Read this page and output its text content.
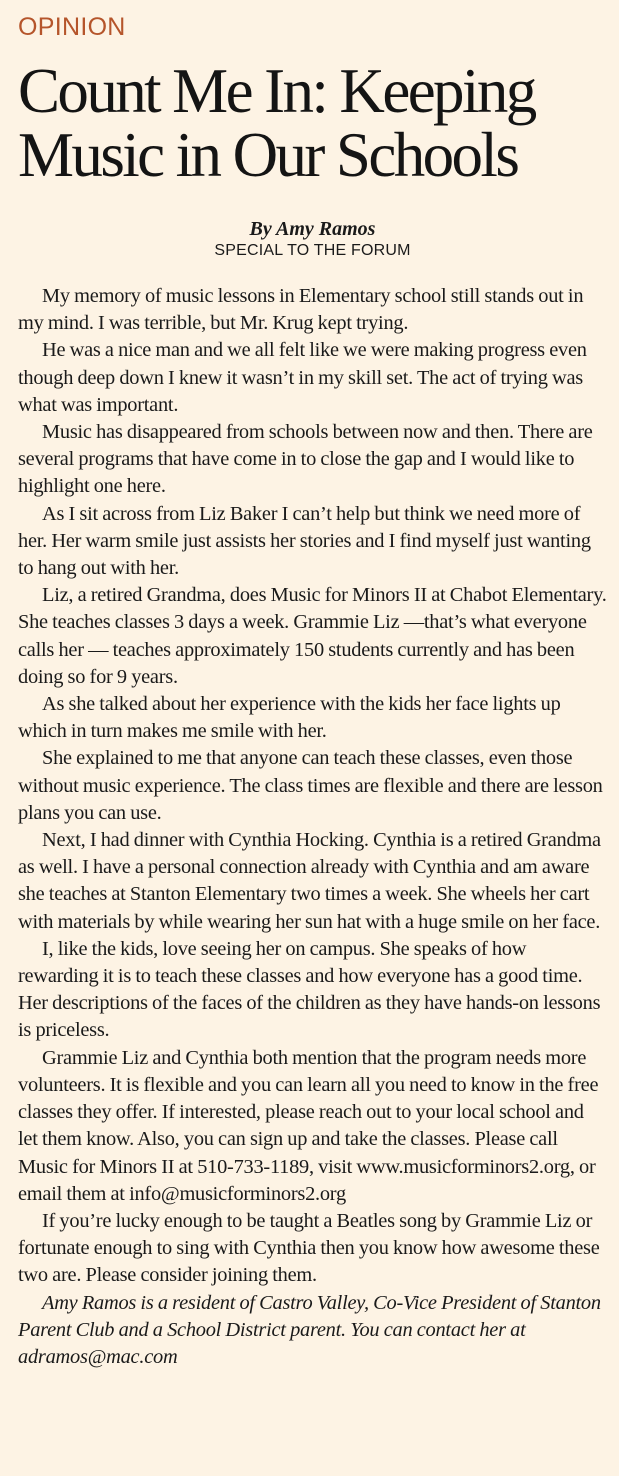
OPINION
Count Me In: Keeping Music in Our Schools
By Amy Ramos
SPECIAL TO THE FORUM

My memory of music lessons in Elementary school still stands out in my mind. I was terrible, but Mr. Krug kept trying.

He was a nice man and we all felt like we were making progress even though deep down I knew it wasn’t in my skill set. The act of trying was what was important.

Music has disappeared from schools between now and then. There are several programs that have come in to close the gap and I would like to highlight one here.

As I sit across from Liz Baker I can’t help but think we need more of her. Her warm smile just assists her stories and I find myself just wanting to hang out with her.

Liz, a retired Grandma, does Music for Minors II at Chabot Elementary. She teaches classes 3 days a week. Grammie Liz —that’s what everyone calls her — teaches approximately 150 students currently and has been doing so for 9 years.

As she talked about her experience with the kids her face lights up which in turn makes me smile with her.

She explained to me that anyone can teach these classes, even those without music experience. The class times are flexible and there are lesson plans you can use.

Next, I had dinner with Cynthia Hocking. Cynthia is a retired Grandma as well. I have a personal connection already with Cynthia and am aware she teaches at Stanton Elementary two times a week. She wheels her cart with materials by while wearing her sun hat with a huge smile on her face.

I, like the kids, love seeing her on campus. She speaks of how rewarding it is to teach these classes and how everyone has a good time. Her descriptions of the faces of the children as they have hands-on lessons is priceless.

Grammie Liz and Cynthia both mention that the program needs more volunteers. It is flexible and you can learn all you need to know in the free classes they offer. If interested, please reach out to your local school and let them know. Also, you can sign up and take the classes. Please call Music for Minors II at 510-733-1189, visit www.musicforminors2.org, or email them at info@musicforminors2.org

If you’re lucky enough to be taught a Beatles song by Grammie Liz or fortunate enough to sing with Cynthia then you know how awesome these two are. Please consider joining them.

Amy Ramos is a resident of Castro Valley, Co-Vice President of Stanton Parent Club and a School District parent. You can contact her at adramos@mac.com
